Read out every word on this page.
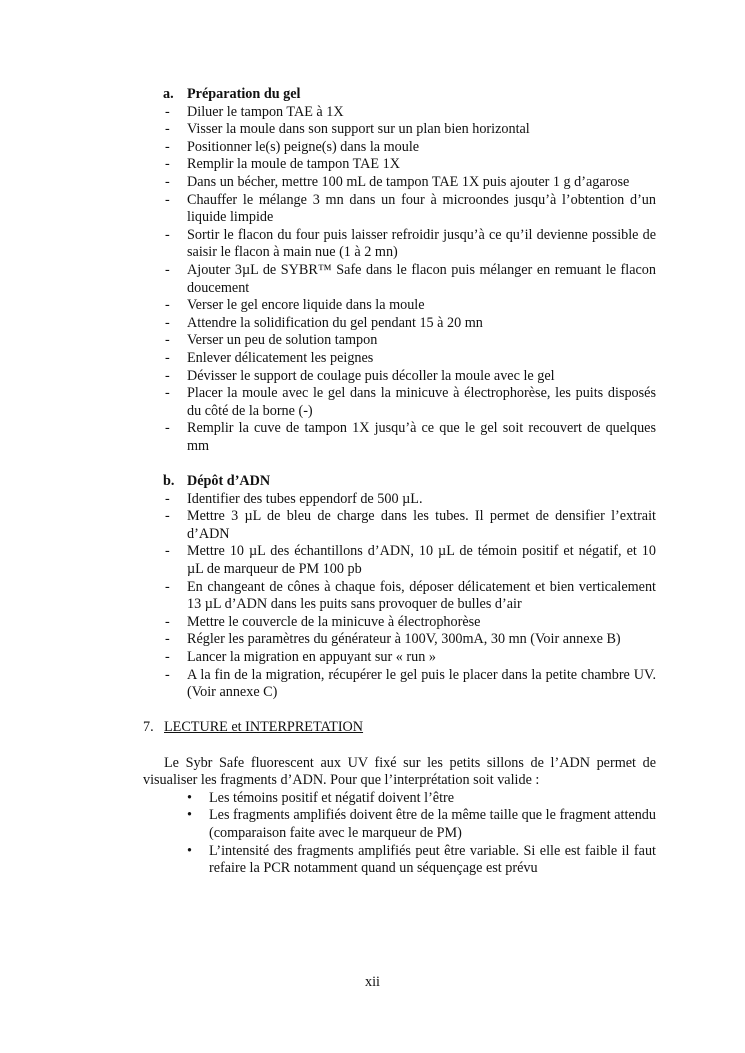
a. Préparation du gel
- Diluer le tampon TAE à 1X
- Visser la moule dans son support sur un plan bien horizontal
- Positionner le(s) peigne(s) dans la moule
- Remplir la moule de tampon TAE 1X
- Dans un bécher, mettre 100 mL de tampon TAE 1X puis ajouter 1 g d’agarose
- Chauffer le mélange 3 mn dans un four à microondes jusqu’à l’obtention d’un liquide limpide
- Sortir le flacon du four puis laisser refroidir jusqu’à ce qu’il devienne possible de saisir le flacon à main nue (1 à 2 mn)
- Ajouter 3µL de SYBR™ Safe dans le flacon puis mélanger en remuant le flacon doucement
- Verser le gel encore liquide dans la moule
- Attendre la solidification du gel pendant 15 à 20 mn
- Verser un peu de solution tampon
- Enlever délicatement les peignes
- Dévisser le support de coulage puis décoller la moule avec le gel
- Placer la moule avec le gel dans la minicuve à électrophorèse, les puits disposés du côté de la borne (-)
- Remplir la cuve de tampon 1X jusqu’à ce que le gel soit recouvert de quelques mm
b. Dépôt d’ADN
- Identifier des tubes eppendorf de 500 µL.
- Mettre 3 µL de bleu de charge dans les tubes. Il permet de densifier l’extrait d’ADN
- Mettre 10 µL des échantillons d’ADN, 10 µL de témoin positif et négatif, et 10 µL de marqueur de PM 100 pb
- En changeant de cônes à chaque fois, déposer délicatement et bien verticalement 13 µL d’ADN dans les puits sans provoquer de bulles d’air
- Mettre le couvercle de la minicuve à électrophorèse
- Régler les paramètres du générateur à 100V, 300mA, 30 mn (Voir annexe B)
- Lancer la migration en appuyant sur « run »
- A la fin de la migration, récupérer le gel puis le placer dans la petite chambre UV. (Voir annexe C)
7. LECTURE et INTERPRETATION
Le Sybr Safe fluorescent aux UV fixé sur les petits sillons de l’ADN permet de visualiser les fragments d’ADN. Pour que l’interprétation soit valide :
• Les témoins positif et négatif doivent l’être
• Les fragments amplifiés doivent être de la même taille que le fragment attendu (comparaison faite avec le marqueur de PM)
• L’intensité des fragments amplifiés peut être variable. Si elle est faible il faut refaire la PCR notamment quand un séquençage est prévu
xii
